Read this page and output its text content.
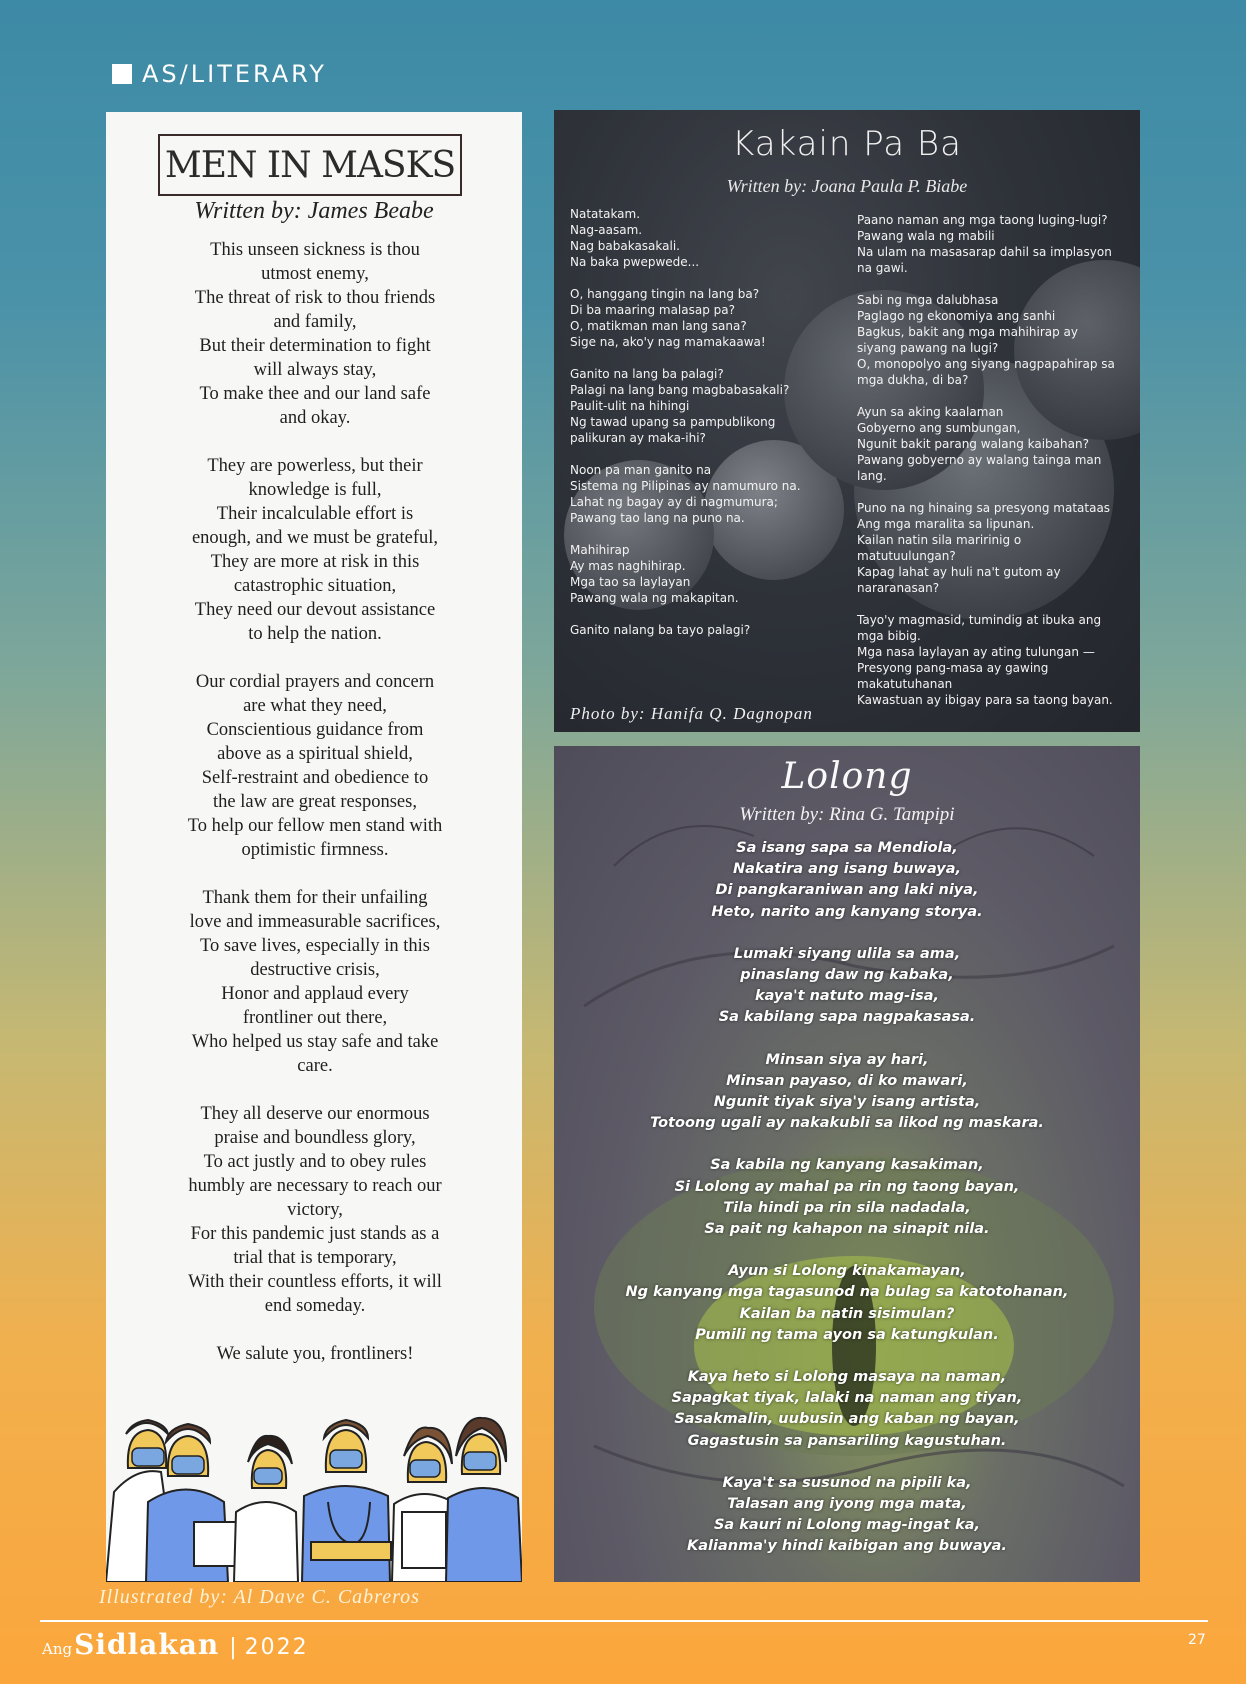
AS/LITERARY
MEN IN MASKS
Written by: James Beabe
This unseen sickness is thou
utmost enemy,
The threat of risk to thou friends
and family,
But their determination to fight
will always stay,
To make thee and our land safe
and okay.
They are powerless, but their
knowledge is full,
Their incalculable effort is
enough, and we must be grateful,
They are more at risk in this
catastrophic situation,
They need our devout assistance
to help the nation.
Our cordial prayers and concern
are what they need,
Conscientious guidance from
above as a spiritual shield,
Self-restraint and obedience to
the law are great responses,
To help our fellow men stand with
optimistic firmness.
Thank them for their unfailing
love and immeasurable sacrifices,
To save lives, especially in this
destructive crisis,
Honor and applaud every
frontliner out there,
Who helped us stay safe and take
care.
They all deserve our enormous
praise and boundless glory,
To act justly and to obey rules
humbly are necessary to reach our
victory,
For this pandemic just stands as a
trial that is temporary,
With their countless efforts, it will
end someday.
We salute you, frontliners!
Illustrated by: Al Dave C. Cabreros
Kakain Pa Ba
Written by: Joana Paula P. Biabe
Natatakam.
Nag-aasam.
Nag babakasakali.
Na baka pwepwede...
O, hanggang tingin na lang ba?
Di ba maaring malasap pa?
O, matikman man lang sana?
Sige na, ako'y nag mamakaawa!
Ganito na lang ba palagi?
Palagi na lang bang magbabasakali?
Paulit-ulit na hihingi
Ng tawad upang sa pampublikong
palikuran ay maka-ihi?
Noon pa man ganito na
Sistema ng Pilipinas ay namumuro na.
Lahat ng bagay ay di nagmumura;
Pawang tao lang na puno na.
Mahihirap
Ay mas naghihirap.
Mga tao sa laylayan
Pawang wala ng makapitan.
Ganito nalang ba tayo palagi?
Paano naman ang mga taong luging-lugi?
Pawang wala ng mabili
Na ulam na masasarap dahil sa implasyon
na gawi.
Sabi ng mga dalubhasa
Paglago ng ekonomiya ang sanhi
Bagkus, bakit ang mga mahihirap ay
siyang pawang na lugi?
O, monopolyo ang siyang nagpapahirap sa
mga dukha, di ba?
Ayun sa aking kaalaman
Gobyerno ang sumbungan,
Ngunit bakit parang walang kaibahan?
Pawang gobyerno ay walang tainga man
lang.
Puno na ng hinaing sa presyong matataas
Ang mga maralita sa lipunan.
Kailan natin sila maririnig o
matutuulungan?
Kapag lahat ay huli na't gutom ay
nararanasan?
Tayo'y magmasid, tumindig at ibuka ang
mga bibig.
Mga nasa laylayan ay ating tulungan —
Presyong pang-masa ay gawing
makatutuhanan
Kawastuan ay ibigay para sa taong bayan.
Photo by: Hanifa Q. Dagnopan
Lolong
Written by: Rina G. Tampipi
Sa isang sapa sa Mendiola,
Nakatira ang isang buwaya,
Di pangkaraniwan ang laki niya,
Heto, narito ang kanyang storya.
Lumaki siyang ulila sa ama,
pinaslang daw ng kabaka,
kaya't natuto mag-isa,
Sa kabilang sapa nagpakasasa.
Minsan siya ay hari,
Minsan payaso, di ko mawari,
Ngunit tiyak siya'y isang artista,
Totoong ugali ay nakakubli sa likod ng maskara.
Sa kabila ng kanyang kasakiman,
Si Lolong ay mahal pa rin ng taong bayan,
Tila hindi pa rin sila nadadala,
Sa pait ng kahapon na sinapit nila.
Ayun si Lolong kinakamayan,
Ng kanyang mga tagasunod na bulag sa katotohanan,
Kailan ba natin sisimulan?
Pumili ng tama ayon sa katungkulan.
Kaya heto si Lolong masaya na naman,
Sapagkat tiyak, lalaki na naman ang tiyan,
Sasakmalin, uubusin ang kaban ng bayan,
Gagastusin sa pansariling kagustuhan.
Kaya't sa susunod na pipili ka,
Talasan ang iyong mga mata,
Sa kauri ni Lolong mag-ingat ka,
Kalianma'y hindi kaibigan ang buwaya.
Ang Sidlakan | 2022	27
